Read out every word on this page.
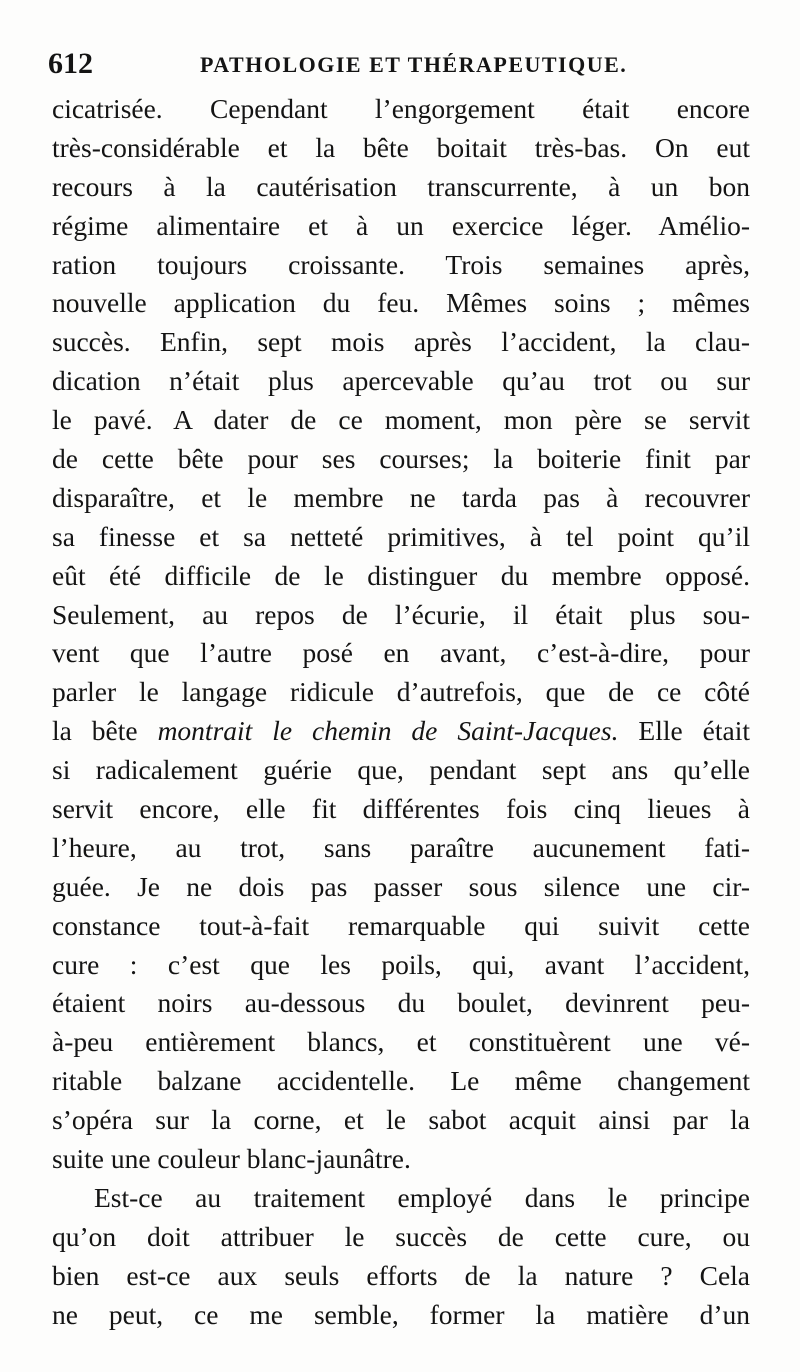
612	PATHOLOGIE ET THÉRAPEUTIQUE.
cicatrisée. Cependant l’engorgement était encore
très-considérable et la bête boitait très-bas. On eut
recours à la cautérisation transcurrente, à un bon
régime alimentaire et à un exercice léger. Amélio-
ration toujours croissante. Trois semaines après,
nouvelle application du feu. Mêmes soins ; mêmes
succès. Enfin, sept mois après l’accident, la clau-
dication n’était plus apercevable qu’au trot ou sur
le pavé. A dater de ce moment, mon père se servit
de cette bête pour ses courses; la boiterie finit par
disparaître, et le membre ne tarda pas à recouvrer
sa finesse et sa netteté primitives, à tel point qu’il
eût été difficile de le distinguer du membre opposé.
Seulement, au repos de l’écurie, il était plus sou-
vent que l’autre posé en avant, c’est-à-dire, pour
parler le langage ridicule d’autrefois, que de ce côté
la bête montrait le chemin de Saint-Jacques. Elle était
si radicalement guérie que, pendant sept ans qu’elle
servit encore, elle fit différentes fois cinq lieues à
l’heure, au trot, sans paraître aucunement fati-
guée. Je ne dois pas passer sous silence une cir-
constance tout-à-fait remarquable qui suivit cette
cure : c’est que les poils, qui, avant l’accident,
étaient noirs au-dessous du boulet, devinrent peu-
à-peu entièrement blancs, et constituèrent une vé-
ritable balzane accidentelle. Le même changement
s’opéra sur la corne, et le sabot acquit ainsi par la
suite une couleur blanc-jaunâtre.
Est-ce au traitement employé dans le principe
qu’on doit attribuer le succès de cette cure, ou
bien est-ce aux seuls efforts de la nature ? Cela
ne peut, ce me semble, former la matière d’un
